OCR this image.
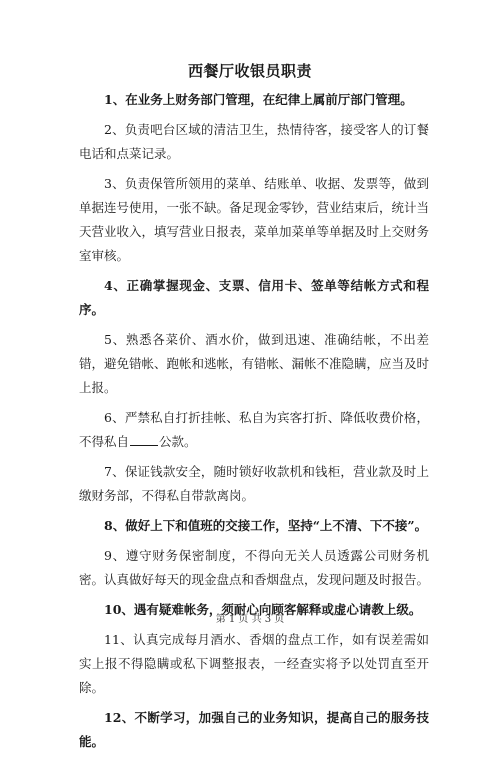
西餐厅收银员职责

1、在业务上财务部门管理，在纪律上属前厅部门管理。

2、负责吧台区域的清洁卫生，热情待客，接受客人的订餐电话和点菜记录。

3、负责保管所领用的菜单、结账单、收据、发票等，做到单据连号使用，一张不缺。备足现金零钞，营业结束后，统计当天营业收入，填写营业日报表，菜单加菜单等单据及时上交财务室审核。

4、正确掌握现金、支票、信用卡、签单等结帐方式和程序。

5、熟悉各菜价、酒水价，做到迅速、准确结帐，不出差错，避免错帐、跑帐和逃帐，有错帐、漏帐不准隐瞒，应当及时上报。

6、严禁私自打折挂帐、私自为宾客打折、降低收费价格，不得私自 公款。

7、保证钱款安全，随时锁好收款机和钱柜，营业款及时上缴财务部，不得私自带款离岗。

8、做好上下和值班的交接工作，坚持“上不清、下不接”。

9、遵守财务保密制度，不得向无关人员透露公司财务机密。认真做好每天的现金盘点和香烟盘点，发现问题及时报告。

10、遇有疑难帐务，须耐心向顾客解释或虚心请教上级。

11、认真完成每月酒水、香烟的盘点工作，如有误差需如实上报不得隐瞒或私下调整报表，一经查实将予以处罚直至开除。

12、不断学习，加强自己的业务知识，提高自己的服务技能。

第 1 页 共 3 页
